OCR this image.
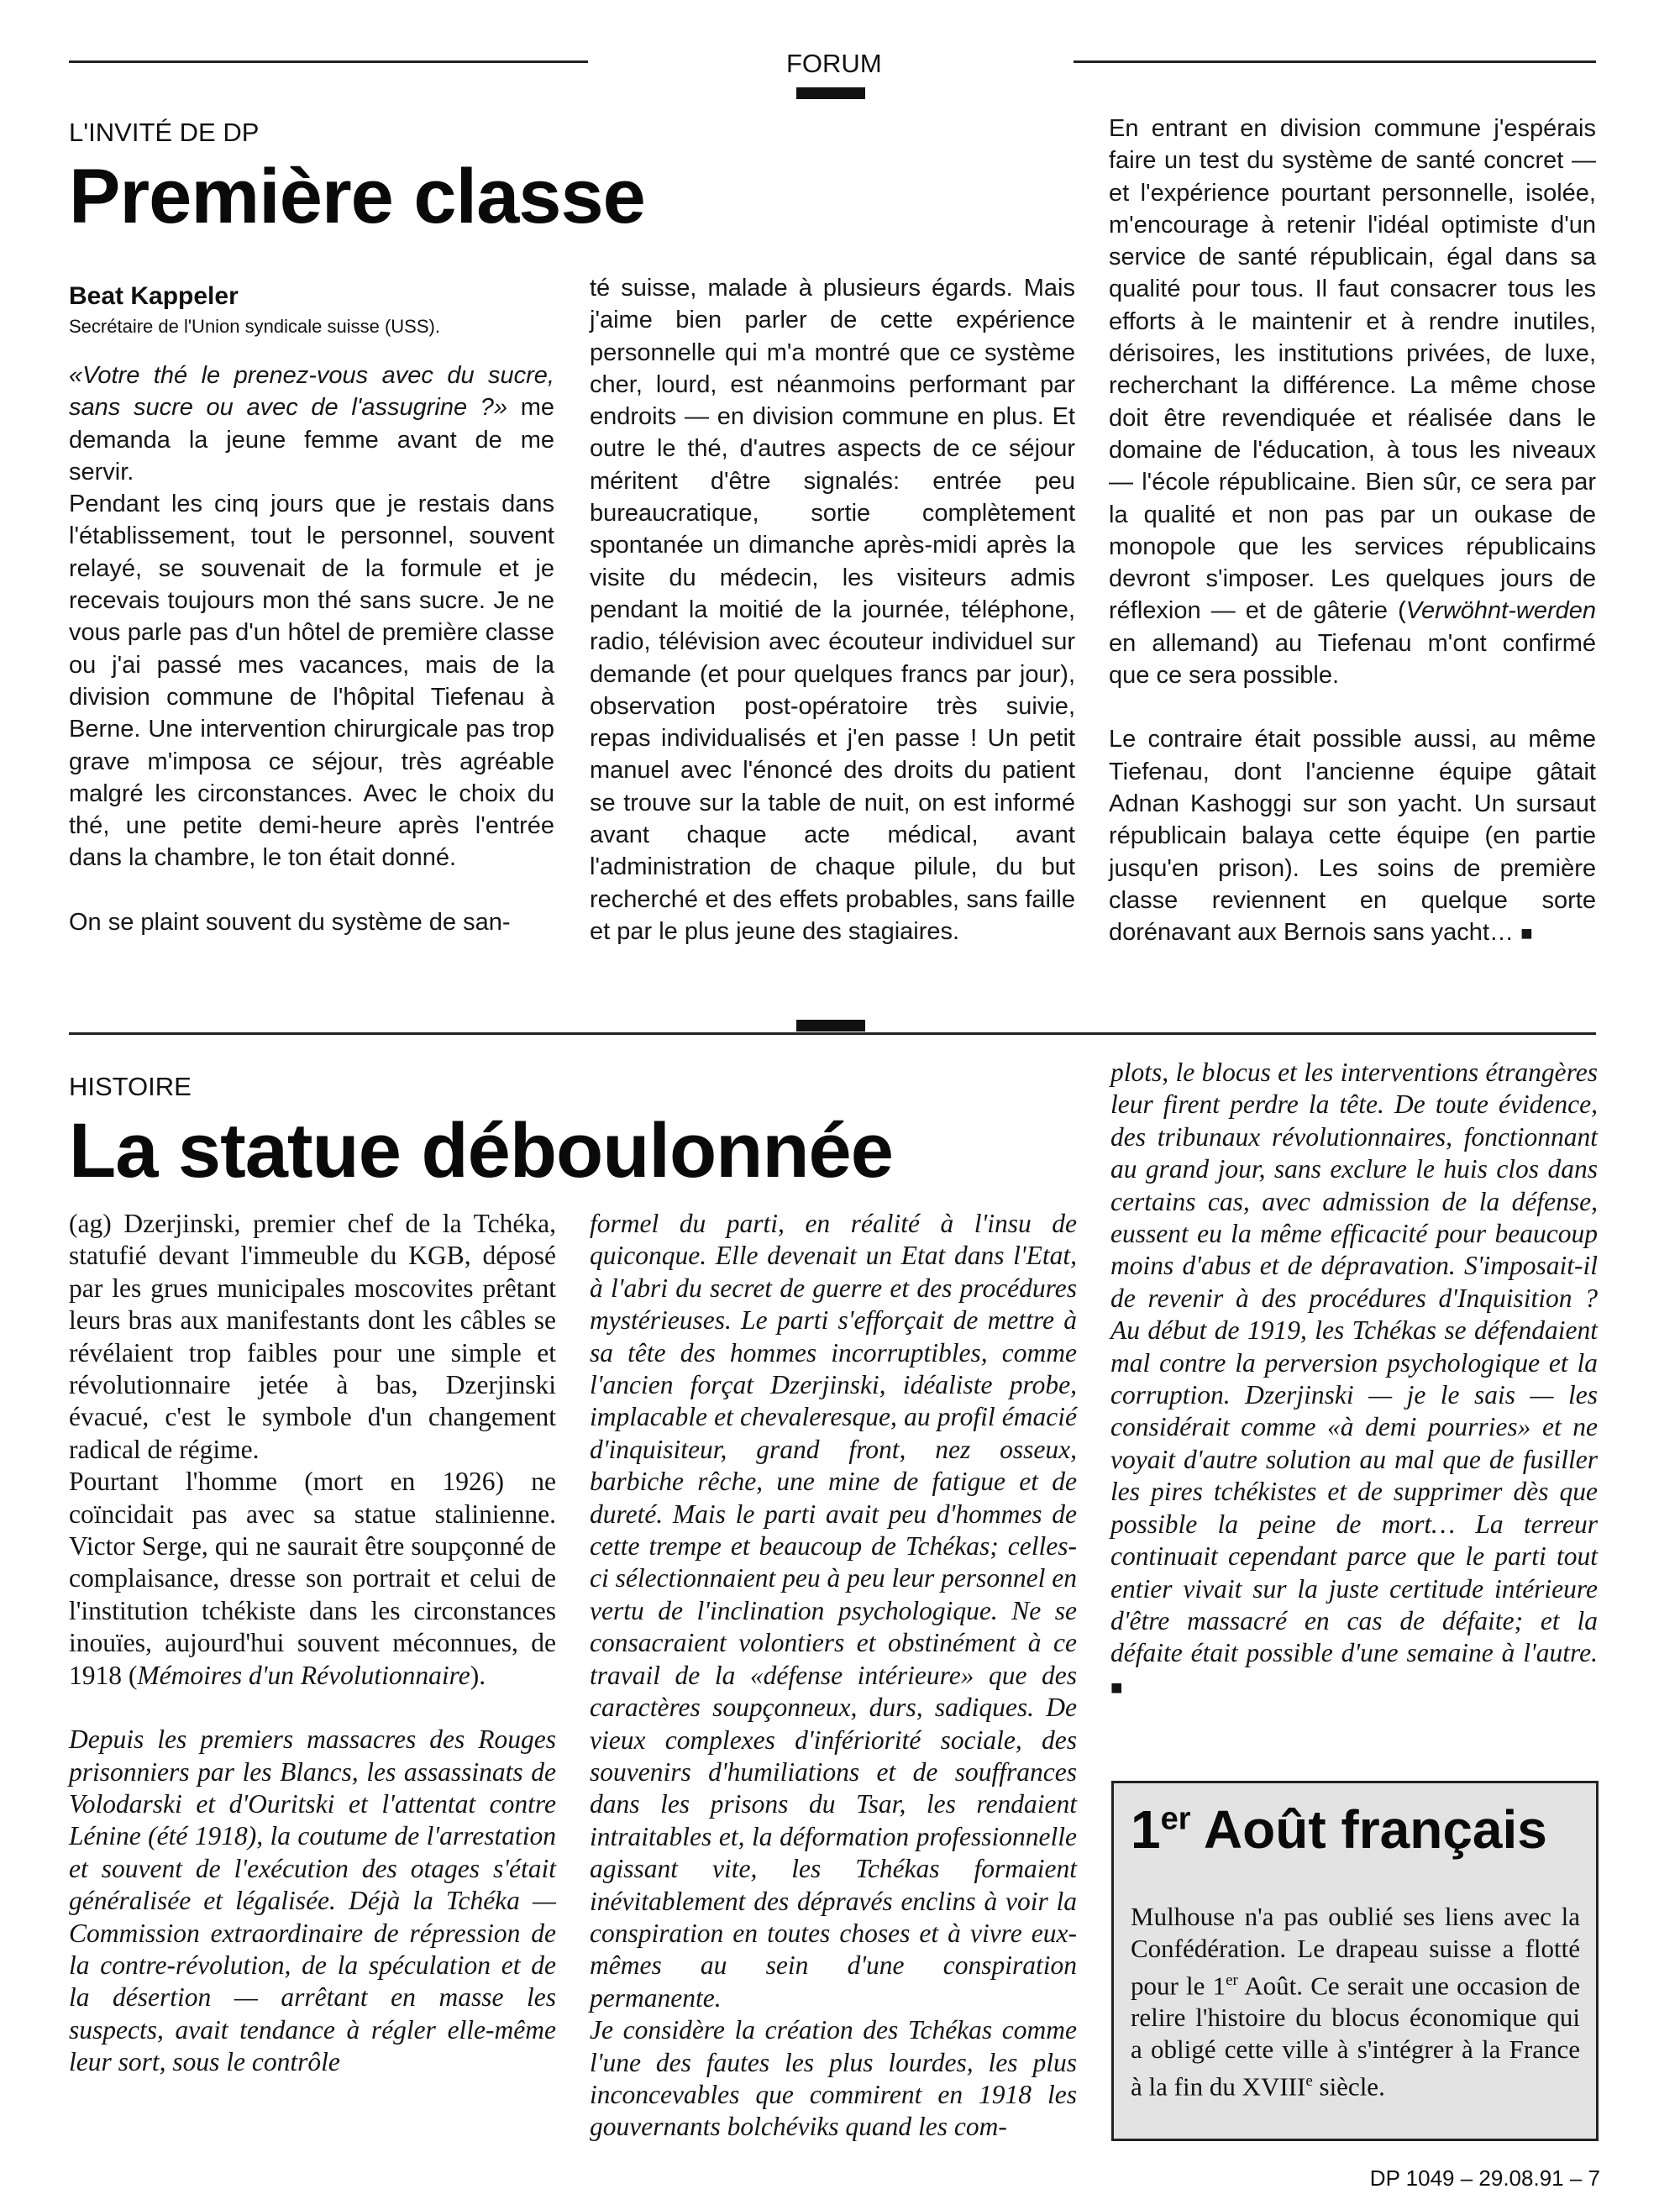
FORUM
L'INVITÉ DE DP
Première classe
Beat Kappeler
Secrétaire de l'Union syndicale suisse (USS).

«Votre thé le prenez-vous avec du sucre, sans sucre ou avec de l'assugrine ?» me demanda la jeune femme avant de me servir.

Pendant les cinq jours que je restais dans l'établissement, tout le personnel, souvent relayé, se souvenait de la formule et je recevais toujours mon thé sans sucre. Je ne vous parle pas d'un hôtel de première classe ou j'ai passé mes vacances, mais de la division commune de l'hôpital Tiefenau à Berne. Une intervention chirurgicale pas trop grave m'imposa ce séjour, très agréable malgré les circonstances. Avec le choix du thé, une petite demi-heure après l'entrée dans la chambre, le ton était donné.

On se plaint souvent du système de san-

té suisse, malade à plusieurs égards. Mais j'aime bien parler de cette expérience personnelle qui m'a montré que ce système cher, lourd, est néanmoins performant par endroits — en division commune en plus. Et outre le thé, d'autres aspects de ce séjour méritent d'être signalés: entrée peu bureaucratique, sortie complètement spontanée un dimanche après-midi après la visite du médecin, les visiteurs admis pendant la moitié de la journée, téléphone, radio, télévision avec écouteur individuel sur demande (et pour quelques francs par jour), observation post-opératoire très suivie, repas individualisés et j'en passe ! Un petit manuel avec l'énoncé des droits du patient se trouve sur la table de nuit, on est informé avant chaque acte médical, avant l'administration de chaque pilule, du but recherché et des effets probables, sans faille et par le plus jeune des stagiaires.

En entrant en division commune j'espérais faire un test du système de santé concret — et l'expérience pourtant personnelle, isolée, m'encourage à retenir l'idéal optimiste d'un service de santé républicain, égal dans sa qualité pour tous. Il faut consacrer tous les efforts à le maintenir et à rendre inutiles, dérisoires, les institutions privées, de luxe, recherchant la différence. La même chose doit être revendiquée et réalisée dans le domaine de l'éducation, à tous les niveaux — l'école républicaine. Bien sûr, ce sera par la qualité et non pas par un oukase de monopole que les services républicains devront s'imposer. Les quelques jours de réflexion — et de gâterie (Verwöhnt-werden en allemand) au Tiefenau m'ont confirmé que ce sera possible.

Le contraire était possible aussi, au même Tiefenau, dont l'ancienne équipe gâtait Adnan Kashoggi sur son yacht. Un sursaut républicain balaya cette équipe (en partie jusqu'en prison). Les soins de première classe reviennent en quelque sorte dorénavant aux Bernois sans yacht… ■

HISTOIRE
La statue déboulonnée

(ag) Dzerjinski, premier chef de la Tchéka, statufié devant l'immeuble du KGB, déposé par les grues municipales moscovites prêtant leurs bras aux manifestants dont les câbles se révélaient trop faibles pour une simple et révolutionnaire jetée à bas, Dzerjinski évacué, c'est le symbole d'un changement radical de régime.

Pourtant l'homme (mort en 1926) ne coïncidait pas avec sa statue stalinienne. Victor Serge, qui ne saurait être soupçonné de complaisance, dresse son portrait et celui de l'institution tchékiste dans les circonstances inouïes, aujourd'hui souvent méconnues, de 1918 (Mémoires d'un Révolutionnaire).

Depuis les premiers massacres des Rouges prisonniers par les Blancs, les assassinats de Volodarski et d'Ouritski et l'attentat contre Lénine (été 1918), la coutume de l'arrestation et souvent de l'exécution des otages s'était généralisée et légalisée. Déjà la Tchéka — Commission extraordinaire de répression de la contre-révolution, de la spéculation et de la désertion — arrêtant en masse les suspects, avait tendance à régler elle-même leur sort, sous le contrôle

formel du parti, en réalité à l'insu de quiconque. Elle devenait un Etat dans l'Etat, à l'abri du secret de guerre et des procédures mystérieuses. Le parti s'efforçait de mettre à sa tête des hommes incorruptibles, comme l'ancien forçat Dzerjinski, idéaliste probe, implacable et chevaleresque, au profil émacié d'inquisiteur, grand front, nez osseux, barbiche rêche, une mine de fatigue et de dureté. Mais le parti avait peu d'hommes de cette trempe et beaucoup de Tchékas; celles-ci sélectionnaient peu à peu leur personnel en vertu de l'inclination psychologique. Ne se consacraient volontiers et obstinément à ce travail de la «défense intérieure» que des caractères soupçonneux, durs, sadiques. De vieux complexes d'infériorité sociale, des souvenirs d'humiliations et de souffrances dans les prisons du Tsar, les rendaient intraitables et, la déformation professionnelle agissant vite, les Tchékas formaient inévitablement des dépravés enclins à voir la conspiration en toutes choses et à vivre eux-mêmes au sein d'une conspiration permanente.

Je considère la création des Tchékas comme l'une des fautes les plus lourdes, les plus inconcevables que commirent en 1918 les gouvernants bolchéviks quand les com-

plots, le blocus et les interventions étrangères leur firent perdre la tête. De toute évidence, des tribunaux révolutionnaires, fonctionnant au grand jour, sans exclure le huis clos dans certains cas, avec admission de la défense, eussent eu la même efficacité pour beaucoup moins d'abus et de dépravation. S'imposait-il de revenir à des procédures d'Inquisition ? Au début de 1919, les Tchékas se défendaient mal contre la perversion psychologique et la corruption. Dzerjinski — je le sais — les considérait comme «à demi pourries» et ne voyait d'autre solution au mal que de fusiller les pires tchékistes et de supprimer dès que possible la peine de mort… La terreur continuait cependant parce que le parti tout entier vivait sur la juste certitude intérieure d'être massacré en cas de défaite; et la défaite était possible d'une semaine à l'autre. ■

1er Août français
Mulhouse n'a pas oublié ses liens avec la Confédération. Le drapeau suisse a flotté pour le 1er Août. Ce serait une occasion de relire l'histoire du blocus économique qui a obligé cette ville à s'intégrer à la France à la fin du XVIIIe siècle.
DP 1049 – 29.08.91 – 7
